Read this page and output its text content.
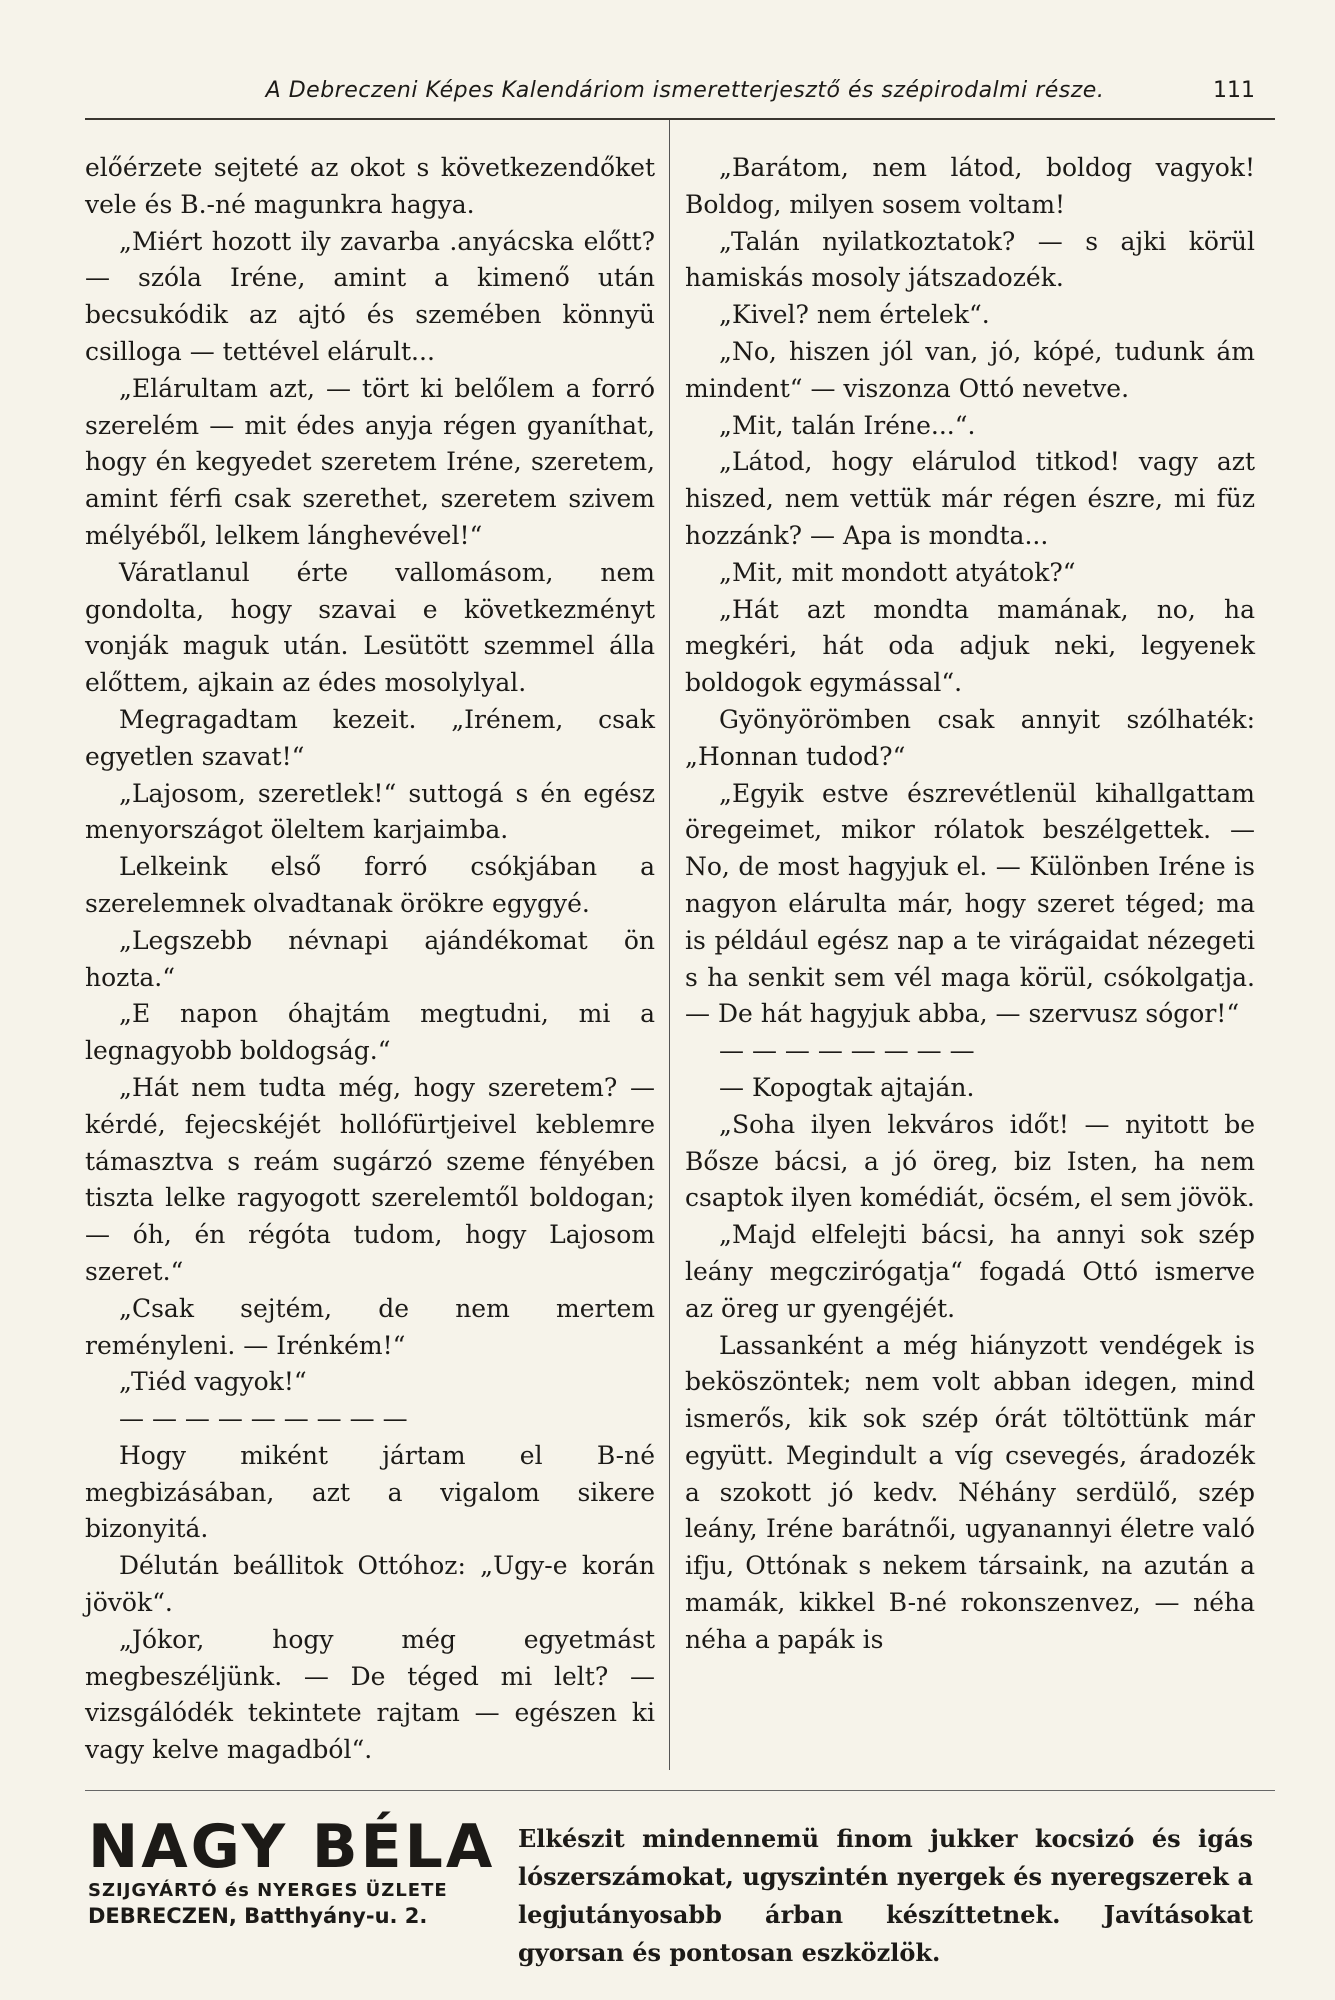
A Debreczeni Képes Kalendáriom ismeretterjesztő és szépirodalmi része.	111

előérzete sejteté az okot s következendőket vele és B.-né magunkra hagya.

„Miért hozott ily zavarba .anyácska előtt? — szóla Iréne, amint a kimenő után becsukódik az ajtó és szemében könnyü csilloga — tettével elárult...

„Elárultam azt, — tört ki belőlem a forró szerelém — mit édes anyja régen gyaníthat, hogy én kegyedet szeretem Iréne, szeretem, amint férfi csak szerethet, szeretem szivem mélyéből, lelkem lánghevével!“

Váratlanul érte vallomásom, nem gondolta, hogy szavai e következményt vonják maguk után. Lesütött szemmel álla előttem, ajkain az édes mosolylyal.

Megragadtam kezeit. „Irénem, csak egyetlen szavat!“

„Lajosom, szeretlek!“ suttogá s én egész menyországot öleltem karjaimba.

Lelkeink első forró csókjában a szerelemnek olvadtanak örökre egygyé.

„Legszebb névnapi ajándékomat ön hozta.“

„E napon óhajtám megtudni, mi a legnagyobb boldogság.“

„Hát nem tudta még, hogy szeretem? — kérdé, fejecskéjét hollófürtjeivel keblemre támasztva s reám sugárzó szeme fényében tiszta lelke ragyogott szerelemtől boldogan; — óh, én régóta tudom, hogy Lajosom szeret.“

„Csak sejtém, de nem mertem reményleni. — Irénkém!“

„Tiéd vagyok!“

— — — — — — — — —

Hogy miként jártam el B-né megbizásában, azt a vigalom sikere bizonyitá.

Délután beállitok Ottóhoz: „Ugy-e korán jövök“.

„Jókor, hogy még egyetmást megbeszéljünk. — De téged mi lelt? — vizsgálódék tekintete rajtam — egészen ki vagy kelve magadból“.

„Barátom, nem látod, boldog vagyok! Boldog, milyen sosem voltam!

„Talán nyilatkoztatok? — s ajki körül hamiskás mosoly játszadozék.

„Kivel? nem értelek“.

„No, hiszen jól van, jó, kópé, tudunk ám mindent“ — viszonza Ottó nevetve.

„Mit, talán Iréne...“.

„Látod, hogy elárulod titkod! vagy azt hiszed, nem vettük már régen észre, mi füz hozzánk? — Apa is mondta...

„Mit, mit mondott atyátok?“

„Hát azt mondta mamának, no, ha megkéri, hát oda adjuk neki, legyenek boldogok egymással“.

Gyönyörömben csak annyit szólhaték: „Honnan tudod?“

„Egyik estve észrevétlenül kihallgattam öregeimet, mikor rólatok beszélgettek. — No, de most hagyjuk el. — Különben Iréne is nagyon elárulta már, hogy szeret téged; ma is például egész nap a te virágaidat nézegeti s ha senkit sem vél maga körül, csókolgatja. — De hát hagyjuk abba, — szervusz sógor!“

— — — — — — — —

— Kopogtak ajtaján.

„Soha ilyen lekváros időt! — nyitott be Bősze bácsi, a jó öreg, biz Isten, ha nem csaptok ilyen komédiát, öcsém, el sem jövök.

„Majd elfelejti bácsi, ha annyi sok szép leány megczirógatja“ fogadá Ottó ismerve az öreg ur gyengéjét.

Lassanként a még hiányzott vendégek is beköszöntek; nem volt abban idegen, mind ismerős, kik sok szép órát töltöttünk már együtt. Megindult a víg csevegés, áradozék a szokott jó kedv. Néhány serdülő, szép leány, Iréne barátnői, ugyanannyi életre való ifju, Ottónak s nekem társaink, na azután a mamák, kikkel B-né rokonszenvez, — néha néha a papák is

NAGY BÉLA
SZIJGYÁRTÓ és NYERGES ÜZLETE
DEBRECZEN, Batthyány-u. 2.
Elkészit mindennemü finom jukker kocsizó és igás lószerszámokat, ugyszintén nyergek és nyeregszerek a legjutányosabb árban készíttetnek. Javításokat gyorsan és pontosan eszközlök.
